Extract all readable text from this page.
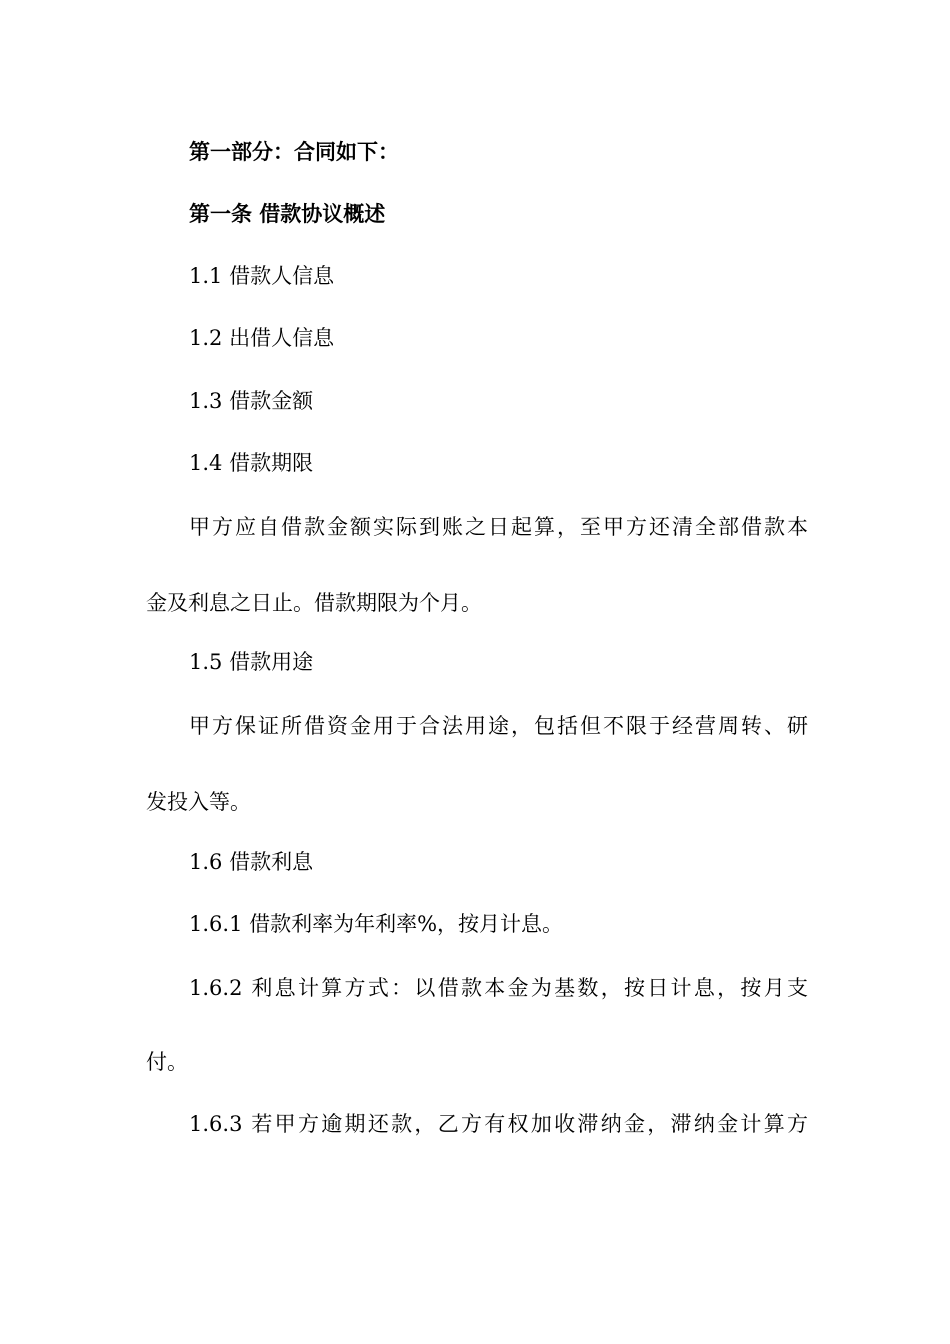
第一部分：合同如下：
第一条 借款协议概述
1.1 借款人信息
1.2 出借人信息
1.3 借款金额
1.4 借款期限
甲方应自借款金额实际到账之日起算，至甲方还清全部借款本
金及利息之日止。借款期限为个月。
1.5 借款用途
甲方保证所借资金用于合法用途，包括但不限于经营周转、研
发投入等。
1.6 借款利息
1.6.1 借款利率为年利率%，按月计息。
1.6.2 利息计算方式：以借款本金为基数，按日计息，按月支
付。
1.6.3 若甲方逾期还款，乙方有权加收滞纳金，滞纳金计算方
